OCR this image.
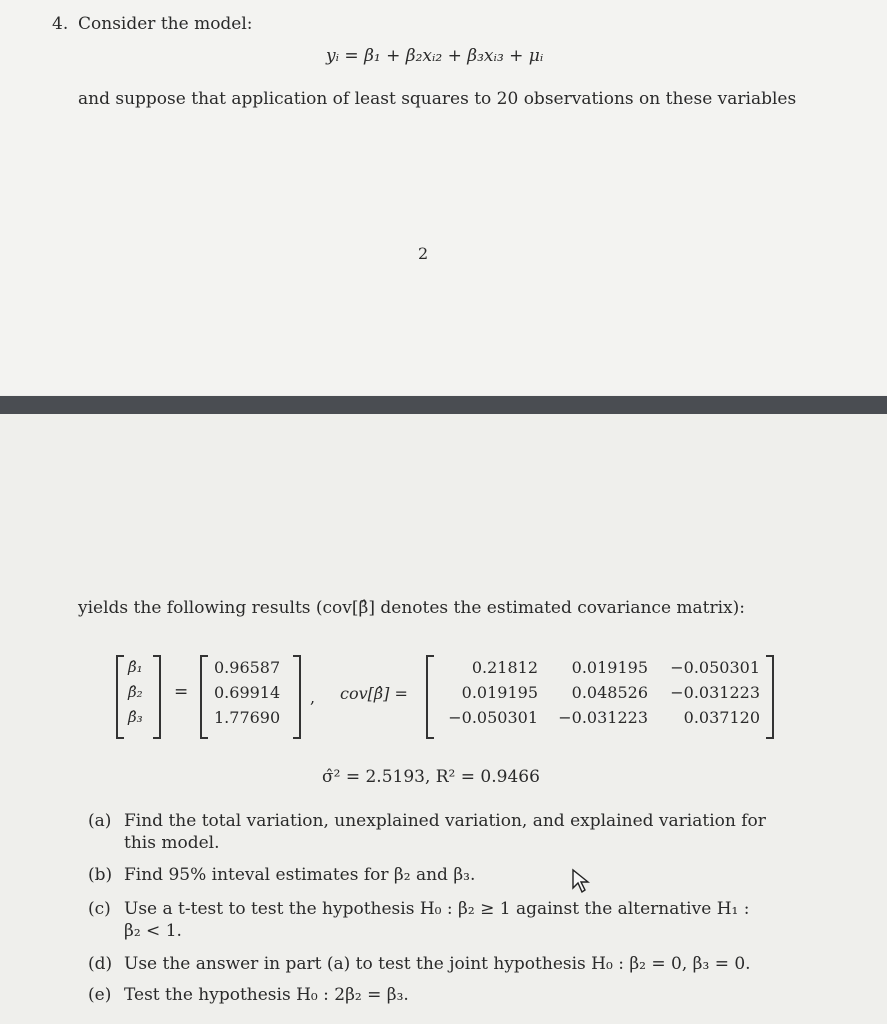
4. Consider the model:
yᵢ = β₁ + β₂xᵢ₂ + β₃xᵢ₃ + μᵢ
and suppose that application of least squares to 20 observations on these variables
2
yields the following results (cov[β̂] denotes the estimated covariance matrix):
β̂₁
β̂₂
β̂₃
=
0.96587
0.69914
1.77690
, cov[β̂] =
0.21812	0.019195	−0.050301
0.019195	0.048526	−0.031223
−0.050301	−0.031223	0.037120
σ̂² = 2.5193, R² = 0.9466
(a) Find the total variation, unexplained variation, and explained variation for
this model.
(b) Find 95% inteval estimates for β₂ and β₃.
(c) Use a t-test to test the hypothesis H₀ : β₂ ≥ 1 against the alternative H₁ :
β₂ < 1.
(d) Use the answer in part (a) to test the joint hypothesis H₀ : β₂ = 0, β₃ = 0.
(e) Test the hypothesis H₀ : 2β₂ = β₃.
